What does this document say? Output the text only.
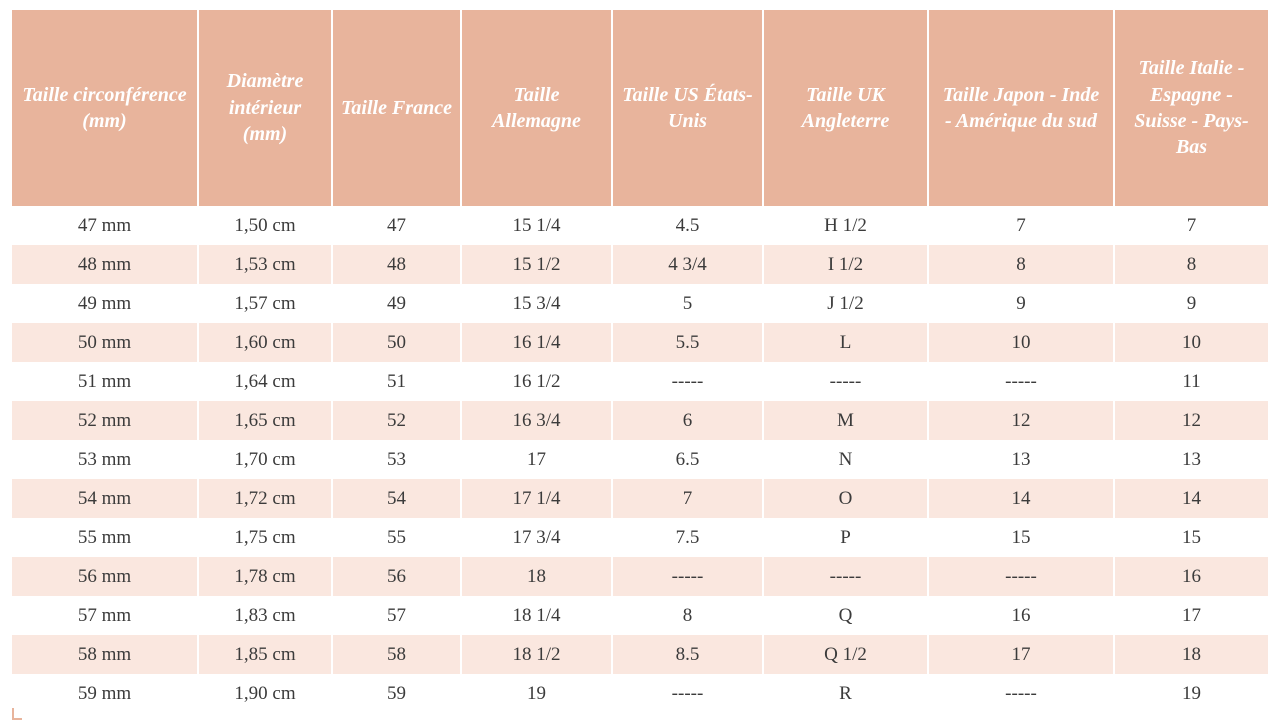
Taille circonférence (mm)	Diamètre intérieur (mm)	Taille France	Taille Allemagne	Taille US États-Unis	Taille UK Angleterre	Taille Japon - Inde - Amérique du sud	Taille Italie - Espagne - Suisse - Pays-Bas
47 mm	1,50 cm	47	15 1/4	4.5	H 1/2	7	7
48 mm	1,53 cm	48	15 1/2	4 3/4	I 1/2	8	8
49 mm	1,57 cm	49	15 3/4	5	J 1/2	9	9
50 mm	1,60 cm	50	16 1/4	5.5	L	10	10
51 mm	1,64 cm	51	16 1/2	-----	-----	-----	11
52 mm	1,65 cm	52	16 3/4	6	M	12	12
53 mm	1,70 cm	53	17	6.5	N	13	13
54 mm	1,72 cm	54	17 1/4	7	O	14	14
55 mm	1,75 cm	55	17 3/4	7.5	P	15	15
56 mm	1,78 cm	56	18	-----	-----	-----	16
57 mm	1,83 cm	57	18 1/4	8	Q	16	17
58 mm	1,85 cm	58	18 1/2	8.5	Q 1/2	17	18
59 mm	1,90 cm	59	19	-----	R	-----	19
